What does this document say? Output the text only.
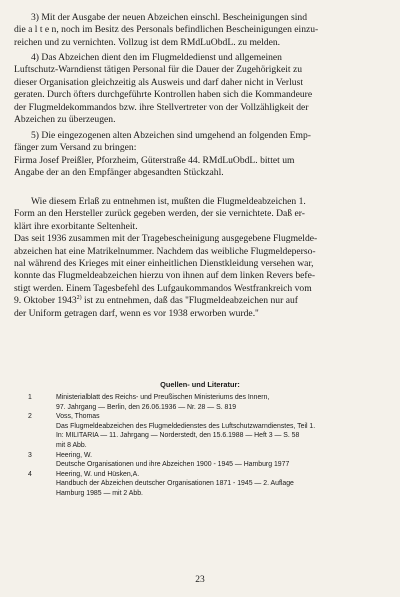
3) Mit der Ausgabe der neuen Abzeichen einschl. Bescheinigungen sind
die a l t e n, noch im Besitz des Personals befindlichen Bescheinigungen einzu-
reichen und zu vernichten. Vollzug ist dem RMdLuObdL. zu melden.
4) Das Abzeichen dient den im Flugmeldedienst und allgemeinen
Luftschutz-Warndienst tätigen Personal für die Dauer der Zugehörigkeit zu
dieser Organisation gleichzeitig als Ausweis und darf daher nicht in Verlust
geraten. Durch öfters durchgeführte Kontrollen haben sich die Kommandeure
der Flugmeldekommandos bzw. ihre Stellvertreter von der Vollzähligkeit der
Abzeichen zu überzeugen.
5) Die eingezogenen alten Abzeichen sind umgehend an folgenden Emp-
fänger zum Versand zu bringen:
Firma Josef Preißler, Pforzheim, Güterstraße 44. RMdLuObdL. bittet um
Angabe der an den Empfänger abgesandten Stückzahl.
Wie diesem Erlaß zu entnehmen ist, mußten die Flugmeldeabzeichen 1.
Form an den Hersteller zurück gegeben werden, der sie vernichtete. Daß er-
klärt ihre exorbitante Seltenheit.
Das seit 1936 zusammen mit der Tragebescheinigung ausgegebene Flugmelde-
abzeichen hat eine Matrikelnummer. Nachdem das weibliche Flugmeldeperso-
nal während des Krieges mit einer einheitlichen Dienstkleidung versehen war,
konnte das Flugmeldeabzeichen hierzu von ihnen auf dem linken Revers befe-
stigt werden. Einem Tagesbefehl des Lufgaukommandos Westfrankreich vom
9. Oktober 1943$^{2)}$ ist zu entnehmen, daß das ''Flugmeldeabzeichen nur auf
der Uniform getragen darf, wenn es vor 1938 erworben wurde.''
Quellen- und Literatur:
1	Ministerialblatt des Reichs- und Preußischen Ministeriums des Innern,
97. Jahrgang — Berlin, den 26.06.1936 — Nr. 28 — S. 819
2	Voss, Thomas
Das Flugmeldeabzeichen des Flugmeldedienstes des Luftschutzwarndienstes, Teil 1.
In: MILITARIA — 11. Jahrgang — Norderstedt, den 15.6.1988 — Heft 3 — S. 58
mit 8 Abb.
3	Heering, W.
Deutsche Organisationen und ihre Abzeichen 1900 - 1945 — Hamburg 1977
4	Heering, W. und Hüsken,A.
Handbuch der Abzeichen deutscher Organisationen 1871 - 1945 — 2. Auflage
Hamburg 1985 — mit 2 Abb.
23
